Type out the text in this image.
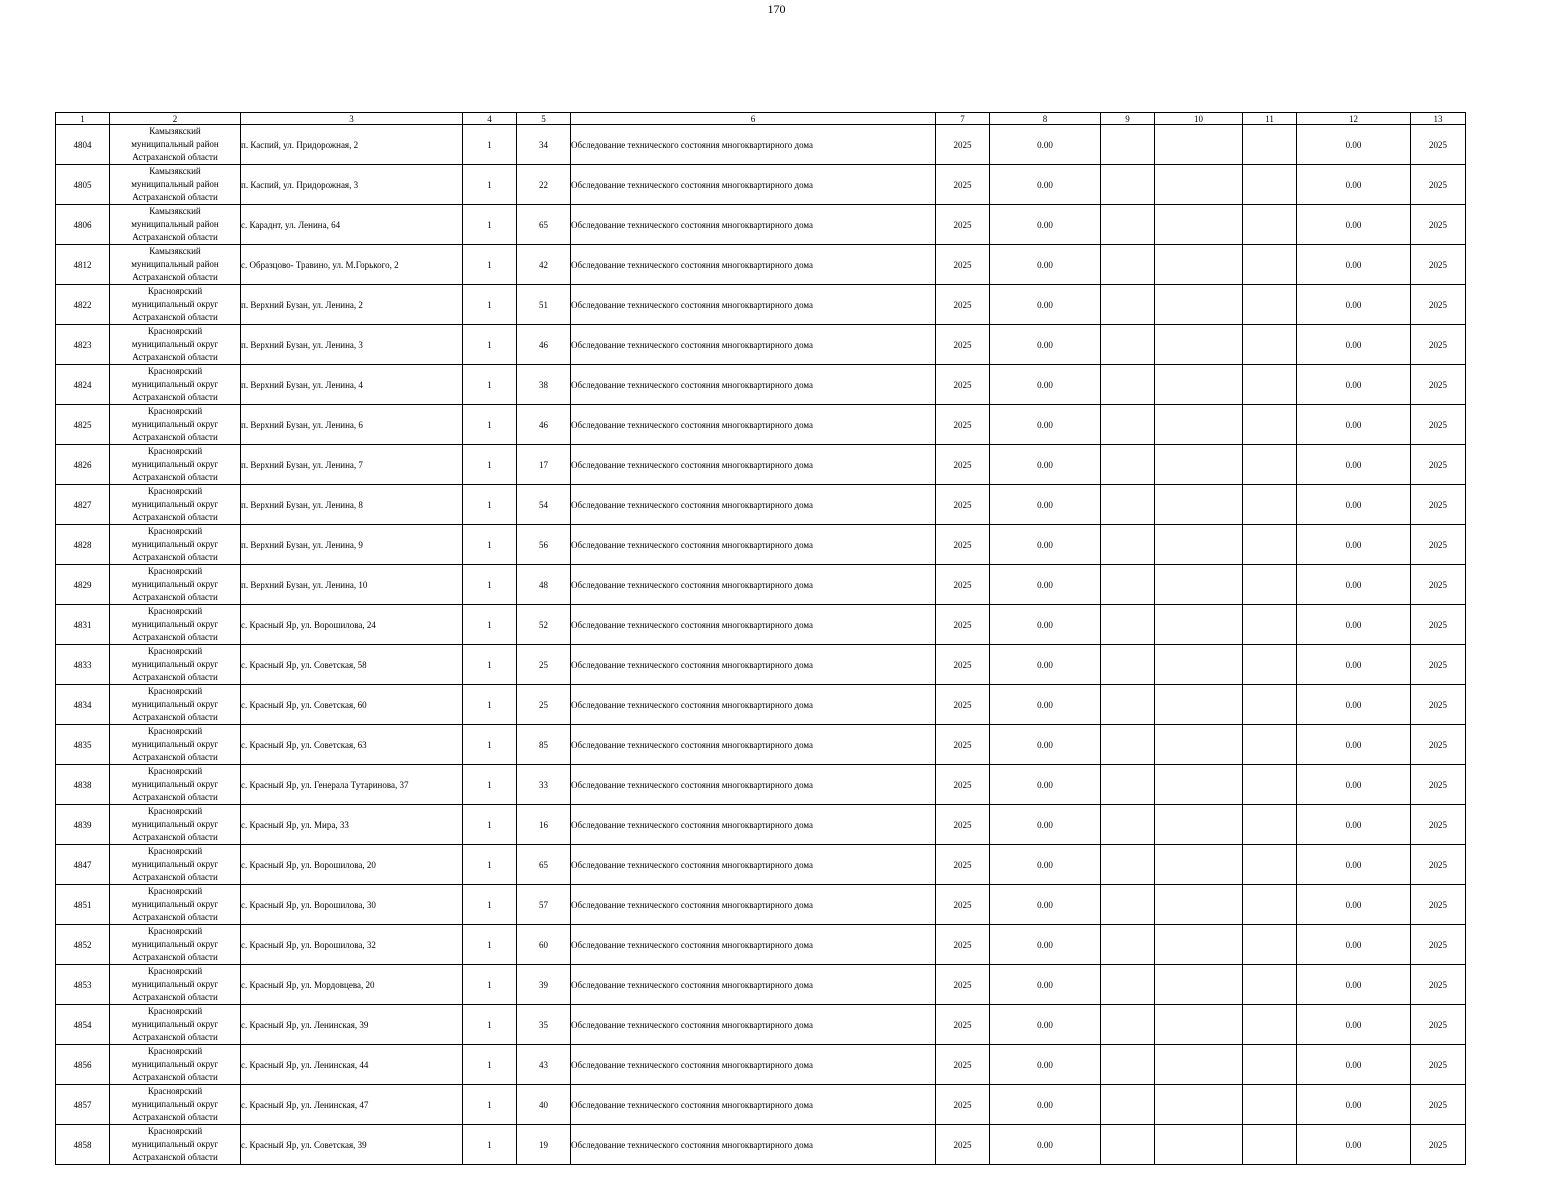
170
1	2	3	4	5	6	7	8	9	10	11	12	13
4804	Камызякский
муниципальный район
Астраханской области	п. Каспий, ул. Придорожная, 2	1	34	Обследование технического состояния многоквартирного дома	2025	0.00				0.00	2025
4805	Камызякский
муниципальный район
Астраханской области	п. Каспий, ул. Придорожная, 3	1	22	Обследование технического состояния многоквартирного дома	2025	0.00				0.00	2025
4806	Камызякский
муниципальный район
Астраханской области	с. Караднт, ул. Ленина, 64	1	65	Обследование технического состояния многоквартирного дома	2025	0.00				0.00	2025
4812	Камызякский
муниципальный район
Астраханской области	с. Образцово- Травино, ул. М.Горького, 2	1	42	Обследование технического состояния многоквартирного дома	2025	0.00				0.00	2025
4822	Красноярский
муниципальный округ
Астраханской области	п. Верхний Бузан, ул. Ленина, 2	1	51	Обследование технического состояния многоквартирного дома	2025	0.00				0.00	2025
4823	Красноярский
муниципальный округ
Астраханской области	п. Верхний Бузан, ул. Ленина, 3	1	46	Обследование технического состояния многоквартирного дома	2025	0.00				0.00	2025
4824	Красноярский
муниципальный округ
Астраханской области	п. Верхний Бузан, ул. Ленина, 4	1	38	Обследование технического состояния многоквартирного дома	2025	0.00				0.00	2025
4825	Красноярский
муниципальный округ
Астраханской области	п. Верхний Бузан, ул. Ленина, 6	1	46	Обследование технического состояния многоквартирного дома	2025	0.00				0.00	2025
4826	Красноярский
муниципальный округ
Астраханской области	п. Верхний Бузан, ул. Ленина, 7	1	17	Обследование технического состояния многоквартирного дома	2025	0.00				0.00	2025
4827	Красноярский
муниципальный округ
Астраханской области	п. Верхний Бузан, ул. Ленина, 8	1	54	Обследование технического состояния многоквартирного дома	2025	0.00				0.00	2025
4828	Красноярский
муниципальный округ
Астраханской области	п. Верхний Бузан, ул. Ленина, 9	1	56	Обследование технического состояния многоквартирного дома	2025	0.00				0.00	2025
4829	Красноярский
муниципальный округ
Астраханской области	п. Верхний Бузан, ул. Ленина, 10	1	48	Обследование технического состояния многоквартирного дома	2025	0.00				0.00	2025
4831	Красноярский
муниципальный округ
Астраханской области	с. Красный Яр, ул. Ворошилова, 24	1	52	Обследование технического состояния многоквартирного дома	2025	0.00				0.00	2025
4833	Красноярский
муниципальный округ
Астраханской области	с. Красный Яр, ул. Советская, 58	1	25	Обследование технического состояния многоквартирного дома	2025	0.00				0.00	2025
4834	Красноярский
муниципальный округ
Астраханской области	с. Красный Яр, ул. Советская, 60	1	25	Обследование технического состояния многоквартирного дома	2025	0.00				0.00	2025
4835	Красноярский
муниципальный округ
Астраханской области	с. Красный Яр, ул. Советская, 63	1	85	Обследование технического состояния многоквартирного дома	2025	0.00				0.00	2025
4838	Красноярский
муниципальный округ
Астраханской области	с. Красный Яр, ул. Генерала Тутаринова, 37	1	33	Обследование технического состояния многоквартирного дома	2025	0.00				0.00	2025
4839	Красноярский
муниципальный округ
Астраханской области	с. Красный Яр, ул. Мира, 33	1	16	Обследование технического состояния многоквартирного дома	2025	0.00				0.00	2025
4847	Красноярский
муниципальный округ
Астраханской области	с. Красный Яр, ул. Ворошилова, 20	1	65	Обследование технического состояния многоквартирного дома	2025	0.00				0.00	2025
4851	Красноярский
муниципальный округ
Астраханской области	с. Красный Яр, ул. Ворошилова, 30	1	57	Обследование технического состояния многоквартирного дома	2025	0.00				0.00	2025
4852	Красноярский
муниципальный округ
Астраханской области	с. Красный Яр, ул. Ворошилова, 32	1	60	Обследование технического состояния многоквартирного дома	2025	0.00				0.00	2025
4853	Красноярский
муниципальный округ
Астраханской области	с. Красный Яр, ул. Мордовцева, 20	1	39	Обследование технического состояния многоквартирного дома	2025	0.00				0.00	2025
4854	Красноярский
муниципальный округ
Астраханской области	с. Красный Яр, ул. Ленинская, 39	1	35	Обследование технического состояния многоквартирного дома	2025	0.00				0.00	2025
4856	Красноярский
муниципальный округ
Астраханской области	с. Красный Яр, ул. Ленинская, 44	1	43	Обследование технического состояния многоквартирного дома	2025	0.00				0.00	2025
4857	Красноярский
муниципальный округ
Астраханской области	с. Красный Яр, ул. Ленинская, 47	1	40	Обследование технического состояния многоквартирного дома	2025	0.00				0.00	2025
4858	Красноярский
муниципальный округ
Астраханской области	с. Красный Яр, ул. Советская, 39	1	19	Обследование технического состояния многоквартирного дома	2025	0.00				0.00	2025
